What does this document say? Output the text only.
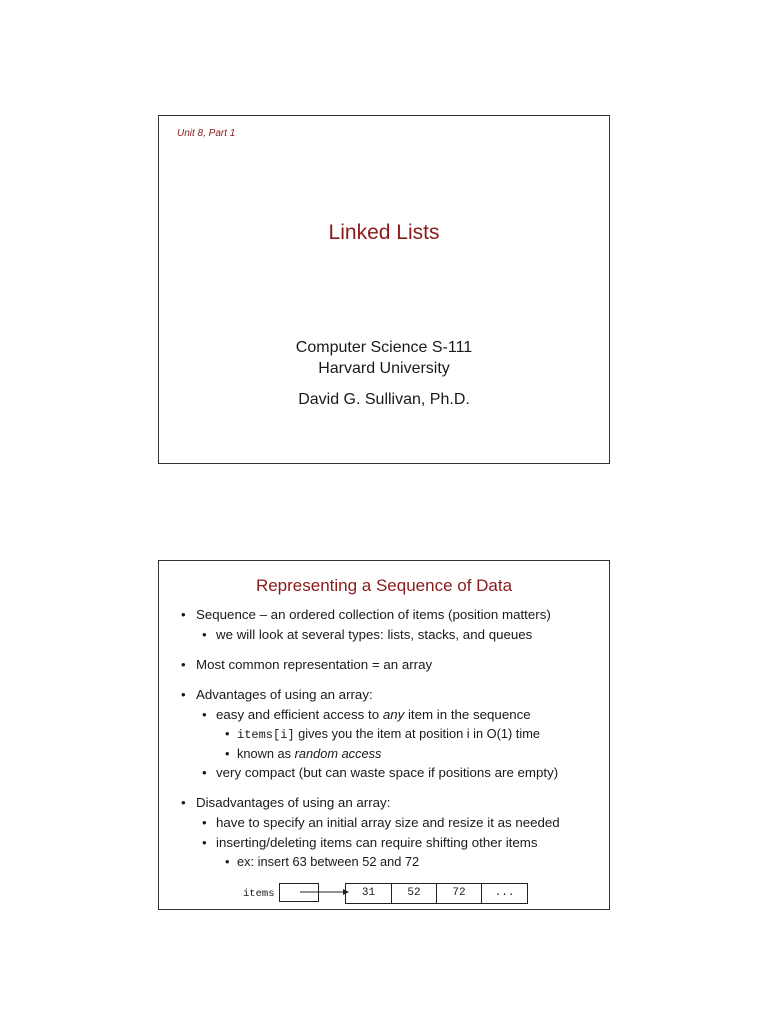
Unit 8, Part 1
Linked Lists
Computer Science S-111
Harvard University
David G. Sullivan, Ph.D.
Representing a Sequence of Data
• Sequence – an ordered collection of items (position matters)
• we will look at several types: lists, stacks, and queues
• Most common representation = an array
• Advantages of using an array:
• easy and efficient access to any item in the sequence
• items[i] gives you the item at position i in O(1) time
• known as random access
• very compact (but can waste space if positions are empty)
• Disadvantages of using an array:
• have to specify an initial array size and resize it as needed
• inserting/deleting items can require shifting other items
• ex: insert 63 between 52 and 72
items	31	52	72	...
